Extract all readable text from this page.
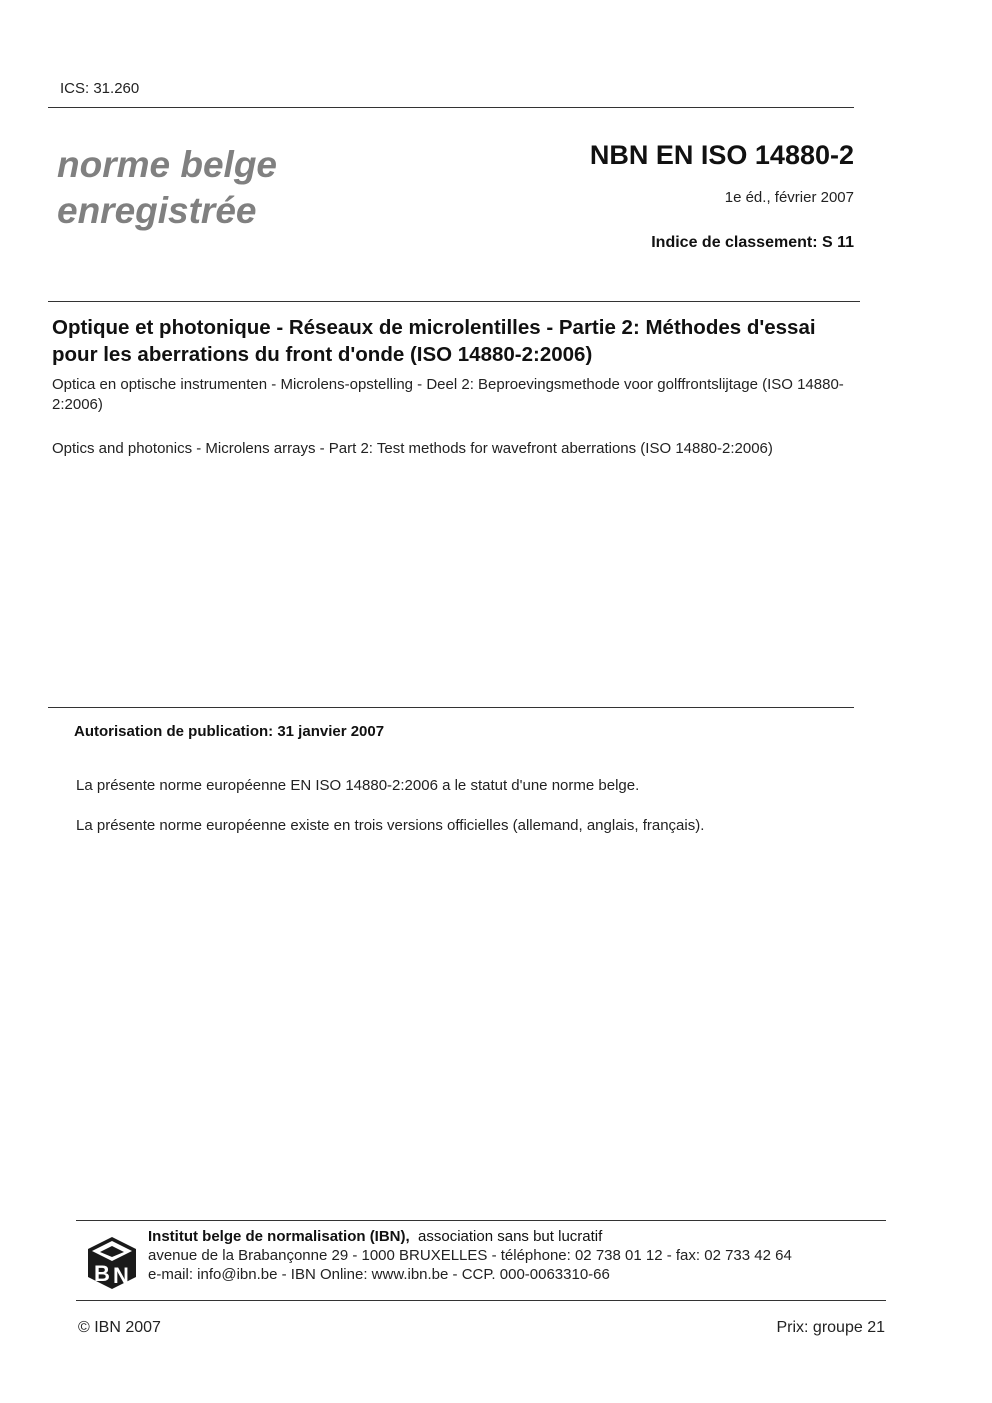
ICS: 31.260
norme belge
enregistrée
NBN EN ISO 14880-2
1e éd., février 2007
Indice de classement: S 11
Optique et photonique - Réseaux de microlentilles - Partie 2: Méthodes d'essai pour les aberrations du front d'onde (ISO 14880-2:2006)
Optica en optische instrumenten - Microlens-opstelling - Deel 2: Beproevingsmethode voor golffrontslijtage (ISO 14880-2:2006)
Optics and photonics - Microlens arrays - Part 2: Test methods for wavefront aberrations (ISO 14880-2:2006)
Autorisation de publication: 31 janvier 2007
La présente norme européenne EN ISO 14880-2:2006 a le statut d'une norme belge.
La présente norme européenne existe en trois versions officielles (allemand, anglais, français).
B N
Institut belge de normalisation (IBN), association sans but lucratif
avenue de la Brabançonne 29 - 1000 BRUXELLES - téléphone: 02 738 01 12 - fax: 02 733 42 64
e-mail: info@ibn.be - IBN Online: www.ibn.be - CCP. 000-0063310-66
© IBN 2007	Prix: groupe 21
